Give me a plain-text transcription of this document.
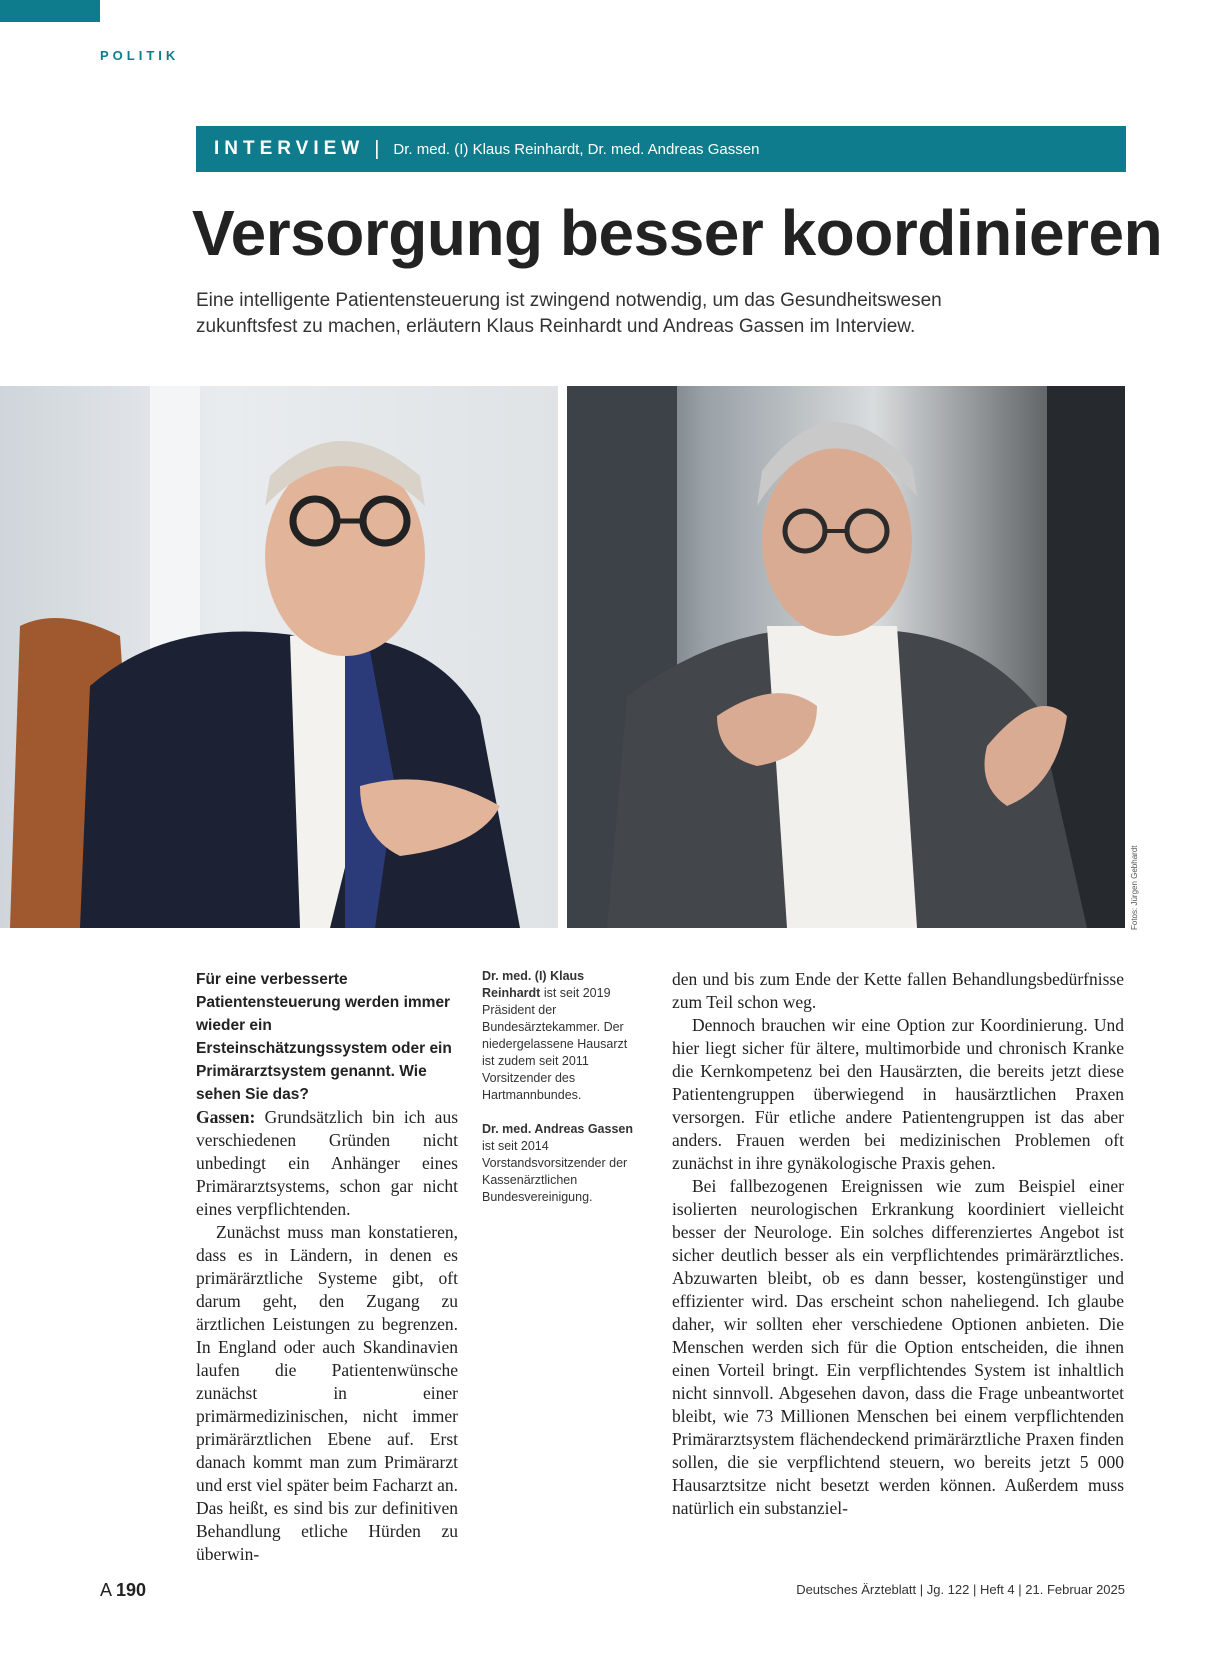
POLITIK
INTERVIEW | Dr. med. (I) Klaus Reinhardt, Dr. med. Andreas Gassen
Versorgung besser koordinieren

Eine intelligente Patientensteuerung ist zwingend notwendig, um das Gesundheitswesen zukunftsfest zu machen, erläutern Klaus Reinhardt und Andreas Gassen im Interview.

Fotos: Jürgen Gebhardt

Für eine verbesserte Patientensteuerung werden immer wieder ein Ersteinschätzungssystem oder ein Primärarztsystem genannt. Wie sehen Sie das?

Gassen: Grundsätzlich bin ich aus verschiedenen Gründen nicht unbedingt ein Anhänger eines Primärarztsystems, schon gar nicht eines verpflichtenden.

Zunächst muss man konstatieren, dass es in Ländern, in denen es primärärztliche Systeme gibt, oft darum geht, den Zugang zu ärztlichen Leistungen zu begrenzen. In England oder auch Skandinavien laufen die Patientenwünsche zunächst in einer primärmedizinischen, nicht immer primärärztlichen Ebene auf. Erst danach kommt man zum Primärarzt und erst viel später beim Facharzt an. Das heißt, es sind bis zur definitiven Behandlung etliche Hürden zu überwin-

Dr. med. (I) Klaus Reinhardt ist seit 2019 Präsident der Bundesärztekammer. Der niedergelassene Hausarzt ist zudem seit 2011 Vorsitzender des Hartmannbundes.

Dr. med. Andreas Gassen ist seit 2014 Vorstandsvorsitzender der Kassenärztlichen Bundesvereinigung.

den und bis zum Ende der Kette fallen Behandlungsbedürfnisse zum Teil schon weg.

Dennoch brauchen wir eine Option zur Koordinierung. Und hier liegt sicher für ältere, multimorbide und chronisch Kranke die Kernkompetenz bei den Hausärzten, die bereits jetzt diese Patientengruppen überwiegend in hausärztlichen Praxen versorgen. Für etliche andere Patientengruppen ist das aber anders. Frauen werden bei medizinischen Problemen oft zunächst in ihre gynäkologische Praxis gehen.

Bei fallbezogenen Ereignissen wie zum Beispiel einer isolierten neurologischen Erkrankung koordiniert vielleicht besser der Neurologe. Ein solches differenziertes Angebot ist sicher deutlich besser als ein verpflichtendes primärärztliches. Abzuwarten bleibt, ob es dann besser, kostengünstiger und effizienter wird. Das erscheint schon naheliegend. Ich glaube daher, wir sollten eher verschiedene Optionen anbieten. Die Menschen werden sich für die Option entscheiden, die ihnen einen Vorteil bringt. Ein verpflichtendes System ist inhaltlich nicht sinnvoll. Abgesehen davon, dass die Frage unbeantwortet bleibt, wie 73 Millionen Menschen bei einem verpflichtenden Primärarztsystem flächendeckend primärärztliche Praxen finden sollen, die sie verpflichtend steuern, wo bereits jetzt 5 000 Hausarztsitze nicht besetzt werden können. Außerdem muss natürlich ein substanziel-

A 190	Deutsches Ärzteblatt | Jg. 122 | Heft 4 | 21. Februar 2025
